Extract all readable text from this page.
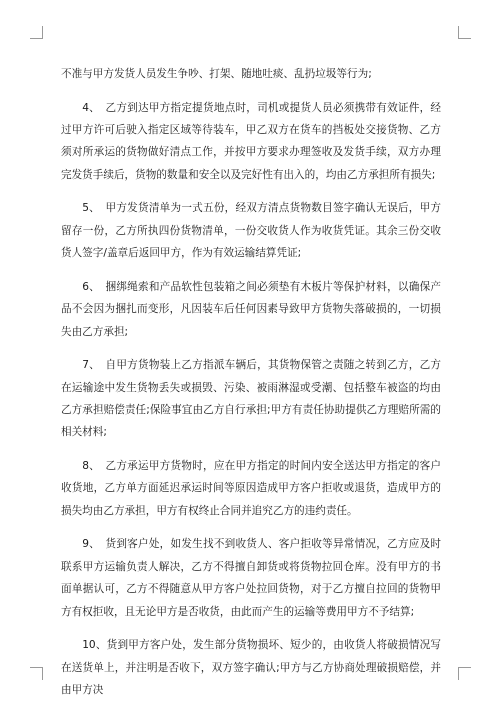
不准与甲方发货人员发生争吵、打架、随地吐痰、乱扔垃圾等行为;

4、　乙方到达甲方指定提货地点时，司机或提货人员必须携带有效证件，经过甲方许可后驶入指定区域等待装车，甲乙双方在货车的挡板处交接货物、乙方须对所承运的货物做好清点工作，并按甲方要求办理签收及发货手续，双方办理完发货手续后，货物的数量和安全以及完好性有出入的，均由乙方承担所有损失;

5、　甲方发货清单为一式五份，经双方清点货物数目签字确认无误后，甲方留存一份，乙方所执四份货物清单，一份交收货人作为收货凭证。其余三份交收货人签字/盖章后返回甲方，作为有效运输结算凭证;

6、　捆绑绳索和产品软性包装箱之间必须垫有木板片等保护材料，以确保产品不会因为捆扎而变形，凡因装车后任何因素导致甲方货物失落破损的，一切损失由乙方承担;

7、　自甲方货物装上乙方指派车辆后，其货物保管之责随之转到乙方，乙方在运输途中发生货物丢失或损毁、污染、被雨淋湿或受潮、包括整车被盗的均由乙方承担赔偿责任;保险事宜由乙方自行承担;甲方有责任协助提供乙方理赔所需的相关材料;

8、　乙方承运甲方货物时，应在甲方指定的时间内安全送达甲方指定的客户收货地，乙方单方面延迟承运时间等原因造成甲方客户拒收或退货，造成甲方的损失均由乙方承担，甲方有权终止合同并追究乙方的违约责任。

9、　货到客户处，如发生找不到收货人、客户拒收等异常情况，乙方应及时联系甲方运输负责人解决，乙方不得擅自卸货或将货物拉回仓库。没有甲方的书面单据认可，乙方不得随意从甲方客户处拉回货物，对于乙方擅自拉回的货物甲方有权拒收，且无论甲方是否收货，由此而产生的运输等费用甲方不予结算;

10、货到甲方客户处，发生部分货物损坏、短少的，由收货人将破损情况写在送货单上，并注明是否收下，双方签字确认;甲方与乙方协商处理破损赔偿，并由甲方决
